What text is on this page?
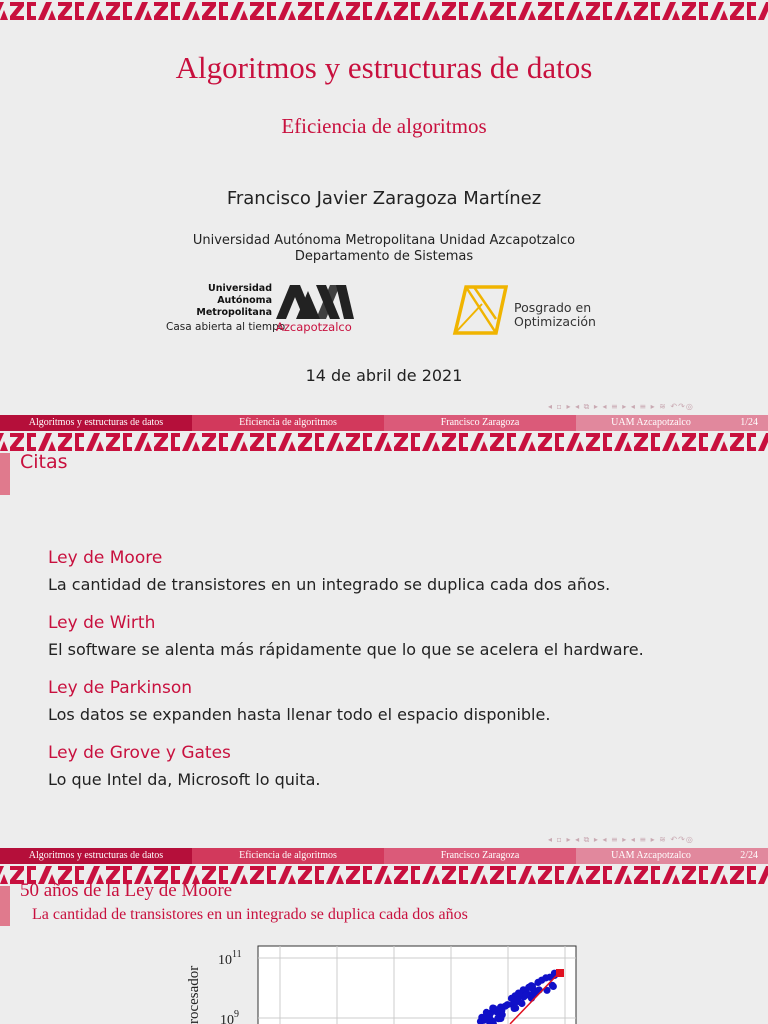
Algoritmos y estructuras de datos
Eficiencia de algoritmos
Francisco Javier Zaragoza Martínez
Universidad Autónoma Metropolitana Unidad Azcapotzalco
Departamento de Sistemas
Universidad
Autónoma
Metropolitana
Casa abierta al tiempo
Azcapotzalco
Posgrado en
Optimización
14 de abril de 2021
◂ ▫ ▸ ◂ ⧉ ▸ ◂ ≡ ▸ ◂ ≡ ▸ ≋ ↶↷◎
Algoritmos y estructuras de datos	Eficiencia de algoritmos	Francisco Zaragoza	UAM Azcapotzalco	1/24
Citas
Ley de Moore
La cantidad de transistores en un integrado se duplica cada dos años.
Ley de Wirth
El software se alenta más rápidamente que lo que se acelera el hardware.
Ley de Parkinson
Los datos se expanden hasta llenar todo el espacio disponible.
Ley de Grove y Gates
Lo que Intel da, Microsoft lo quita.
◂ ▫ ▸ ◂ ⧉ ▸ ◂ ≡ ▸ ◂ ≡ ▸ ≋ ↶↷◎
Algoritmos y estructuras de datos	Eficiencia de algoritmos	Francisco Zaragoza	UAM Azcapotzalco	2/24
50 años de la Ley de Moore
La cantidad de transistores en un integrado se duplica cada dos años
rocesador
$10^{11}$
$10^9$
